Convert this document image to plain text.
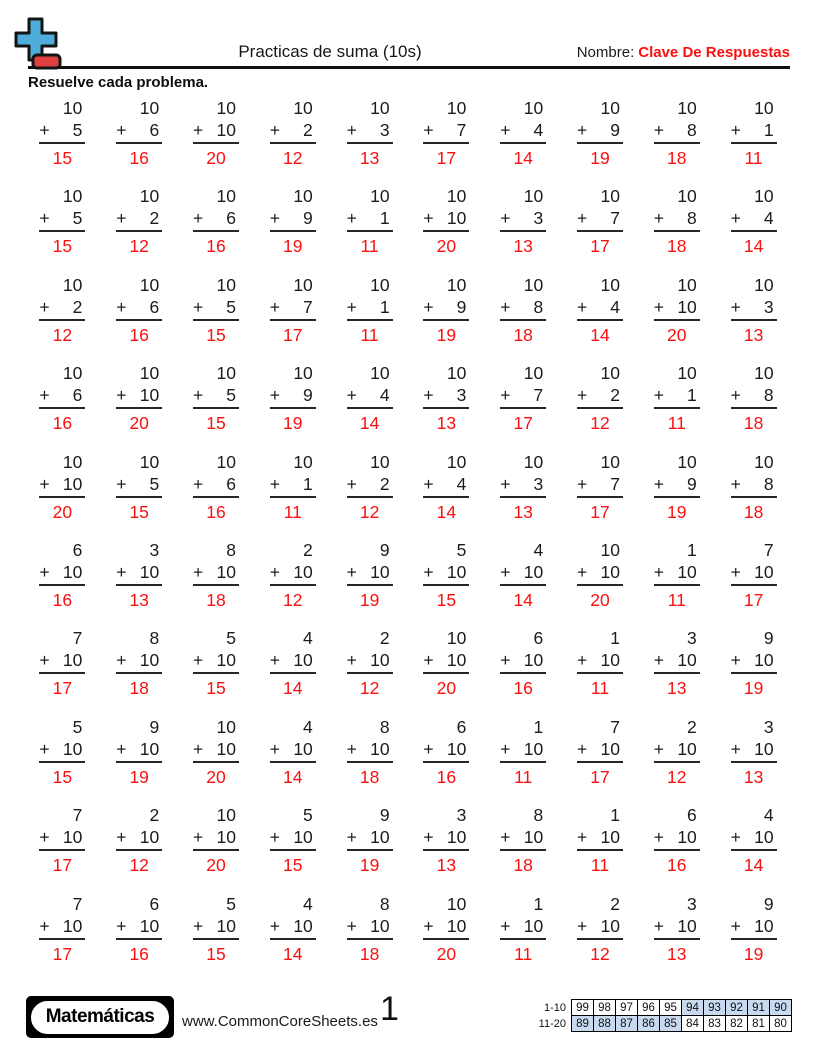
Practicas de suma (10s)	Nombre: Clave De Respuestas
Resuelve cada problema.
10
+ 5
15
10
+ 6
16
10
+ 10
20
10
+ 2
12
10
+ 3
13
10
+ 7
17
10
+ 4
14
10
+ 9
19
10
+ 8
18
10
+ 1
11
10
+ 5
15
10
+ 2
12
10
+ 6
16
10
+ 9
19
10
+ 1
11
10
+ 10
20
10
+ 3
13
10
+ 7
17
10
+ 8
18
10
+ 4
14
10
+ 2
12
10
+ 6
16
10
+ 5
15
10
+ 7
17
10
+ 1
11
10
+ 9
19
10
+ 8
18
10
+ 4
14
10
+ 10
20
10
+ 3
13
10
+ 6
16
10
+ 10
20
10
+ 5
15
10
+ 9
19
10
+ 4
14
10
+ 3
13
10
+ 7
17
10
+ 2
12
10
+ 1
11
10
+ 8
18
10
+ 10
20
10
+ 5
15
10
+ 6
16
10
+ 1
11
10
+ 2
12
10
+ 4
14
10
+ 3
13
10
+ 7
17
10
+ 9
19
10
+ 8
18
6
+ 10
16
3
+ 10
13
8
+ 10
18
2
+ 10
12
9
+ 10
19
5
+ 10
15
4
+ 10
14
10
+ 10
20
1
+ 10
11
7
+ 10
17
7
+ 10
17
8
+ 10
18
5
+ 10
15
4
+ 10
14
2
+ 10
12
10
+ 10
20
6
+ 10
16
1
+ 10
11
3
+ 10
13
9
+ 10
19
5
+ 10
15
9
+ 10
19
10
+ 10
20
4
+ 10
14
8
+ 10
18
6
+ 10
16
1
+ 10
11
7
+ 10
17
2
+ 10
12
3
+ 10
13
7
+ 10
17
2
+ 10
12
10
+ 10
20
5
+ 10
15
9
+ 10
19
3
+ 10
13
8
+ 10
18
1
+ 10
11
6
+ 10
16
4
+ 10
14
7
+ 10
17
6
+ 10
16
5
+ 10
15
4
+ 10
14
8
+ 10
18
10
+ 10
20
1
+ 10
11
2
+ 10
12
3
+ 10
13
9
+ 10
19
Matemáticas	www.CommonCoreSheets.es 1	1-10 99 98 97 96 95 94 93 92 91 90
11-20 89 88 87 86 85 84 83 82 81 80
